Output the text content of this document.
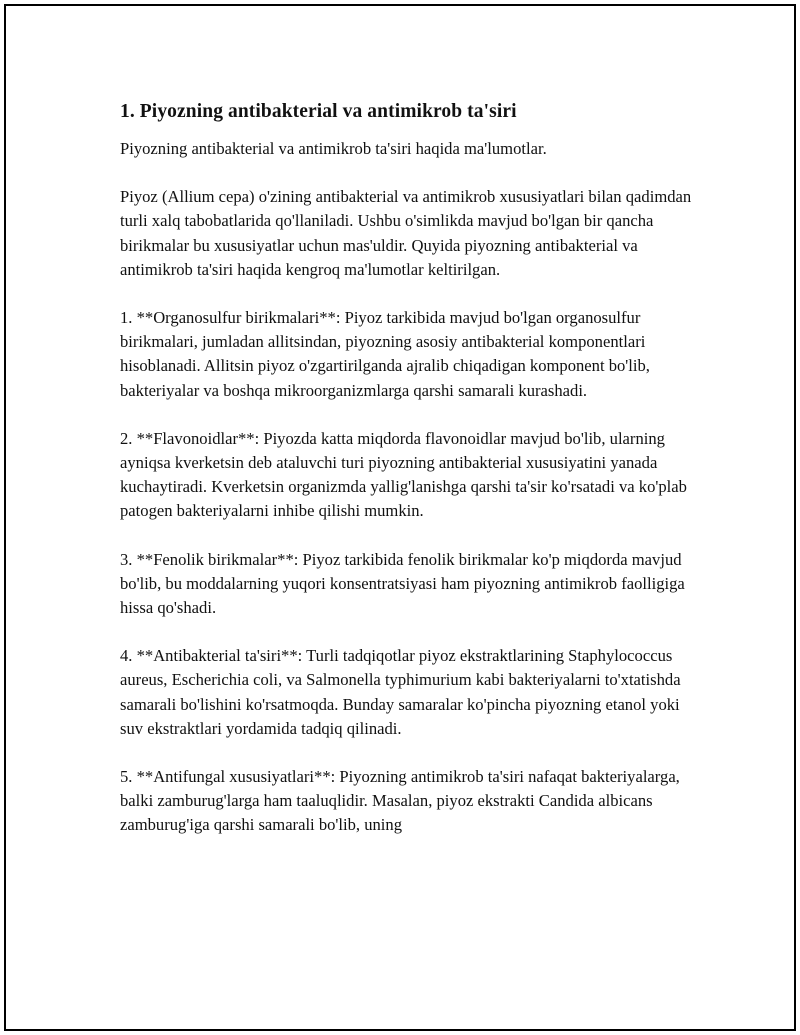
1. Piyozning antibakterial va antimikrob ta'siri

Piyozning antibakterial va antimikrob ta'siri haqida ma'lumotlar.

Piyoz (Allium cepa) o'zining antibakterial va antimikrob xususiyatlari bilan qadimdan turli xalq tabobatlarida qo'llaniladi. Ushbu o'simlikda mavjud bo'lgan bir qancha birikmalar bu xususiyatlar uchun mas'uldir. Quyida piyozning antibakterial va antimikrob ta'siri haqida kengroq ma'lumotlar keltirilgan.

1. **Organosulfur birikmalari**: Piyoz tarkibida mavjud bo'lgan organosulfur birikmalari, jumladan allitsindan, piyozning asosiy antibakterial komponentlari hisoblanadi. Allitsin piyoz o'zgartirilganda ajralib chiqadigan komponent bo'lib, bakteriyalar va boshqa mikroorganizmlarga qarshi samarali kurashadi.

2. **Flavonoidlar**: Piyozda katta miqdorda flavonoidlar mavjud bo'lib, ularning ayniqsa kverketsin deb ataluvchi turi piyozning antibakterial xususiyatini yanada kuchaytiradi. Kverketsin organizmda yallig'lanishga qarshi ta'sir ko'rsatadi va ko'plab patogen bakteriyalarni inhibe qilishi mumkin.

3. **Fenolik birikmalar**: Piyoz tarkibida fenolik birikmalar ko'p miqdorda mavjud bo'lib, bu moddalarning yuqori konsentratsiyasi ham piyozning antimikrob faolligiga hissa qo'shadi.

4. **Antibakterial ta'siri**: Turli tadqiqotlar piyoz ekstraktlarining Staphylococcus aureus, Escherichia coli, va Salmonella typhimurium kabi bakteriyalarni to'xtatishda samarali bo'lishini ko'rsatmoqda. Bunday samaralar ko'pincha piyozning etanol yoki suv ekstraktlari yordamida tadqiq qilinadi.

5. **Antifungal xususiyatlari**: Piyozning antimikrob ta'siri nafaqat bakteriyalarga, balki zamburug'larga ham taaluqlidir. Masalan, piyoz ekstrakti Candida albicans zamburug'iga qarshi samarali bo'lib, uning
